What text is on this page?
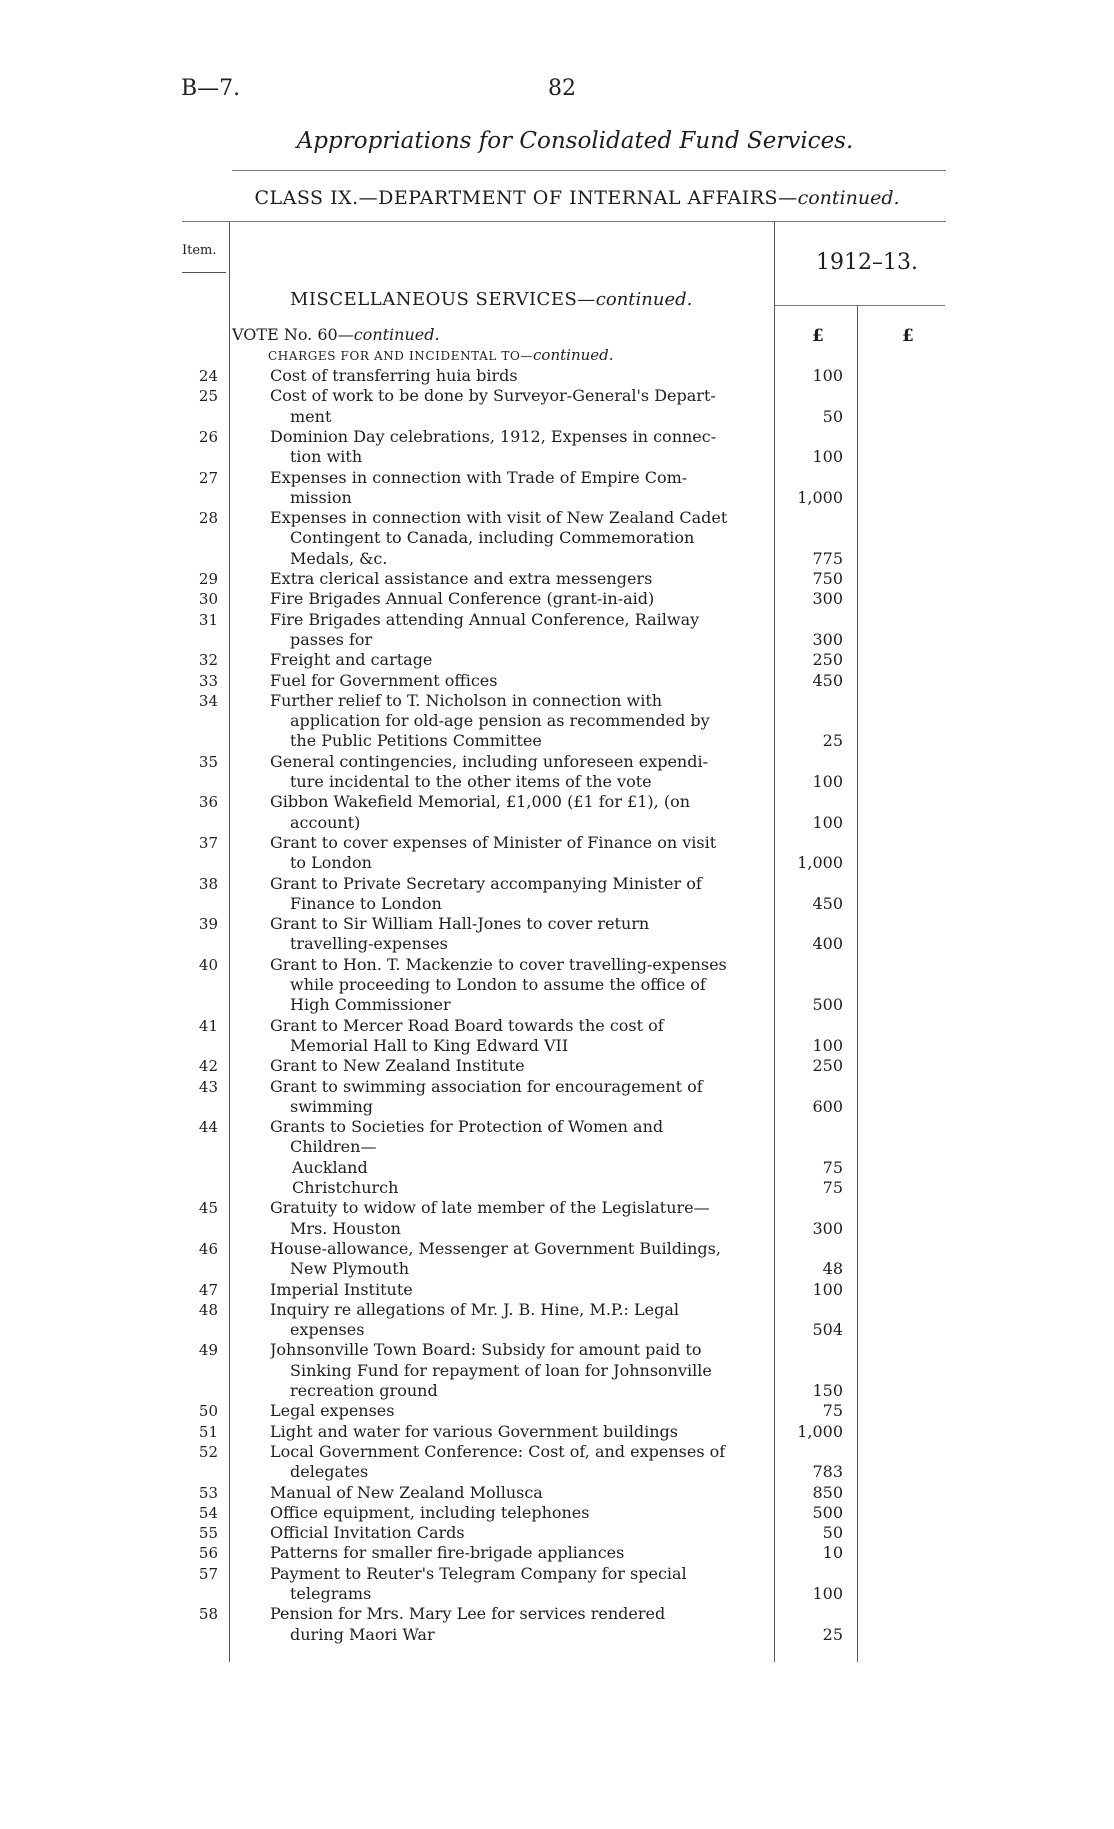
B—7.	82
Appropriations for Consolidated Fund Services.
CLASS IX.—DEPARTMENT OF INTERNAL AFFAIRS—continued.
Item.	1912–13.
MISCELLANEOUS SERVICES—continued.
VOTE No. 60—continued.	£	£
CHARGES FOR AND INCIDENTAL TO—continued.
24	Cost of transferring huia birds	100
25	Cost of work to be done by Surveyor-General's Depart-
ment	50
26	Dominion Day celebrations, 1912, Expenses in connec-
tion with	100
27	Expenses in connection with Trade of Empire Com-
mission	1,000
28	Expenses in connection with visit of New Zealand Cadet
Contingent to Canada, including Commemoration
Medals, &c.	775
29	Extra clerical assistance and extra messengers	750
30	Fire Brigades Annual Conference (grant-in-aid)	300
31	Fire Brigades attending Annual Conference, Railway
passes for	300
32	Freight and cartage	250
33	Fuel for Government offices	450
34	Further relief to T. Nicholson in connection with
application for old-age pension as recommended by
the Public Petitions Committee	25
35	General contingencies, including unforeseen expendi-
ture incidental to the other items of the vote	100
36	Gibbon Wakefield Memorial, £1,000 (£1 for £1), (on
account)	100
37	Grant to cover expenses of Minister of Finance on visit
to London	1,000
38	Grant to Private Secretary accompanying Minister of
Finance to London	450
39	Grant to Sir William Hall-Jones to cover return
travelling-expenses	400
40	Grant to Hon. T. Mackenzie to cover travelling-expenses
while proceeding to London to assume the office of
High Commissioner	500
41	Grant to Mercer Road Board towards the cost of
Memorial Hall to King Edward VII	100
42	Grant to New Zealand Institute	250
43	Grant to swimming association for encouragement of
swimming	600
44	Grants to Societies for Protection of Women and
Children—
Auckland	75
Christchurch	75
45	Gratuity to widow of late member of the Legislature—
Mrs. Houston	300
46	House-allowance, Messenger at Government Buildings,
New Plymouth	48
47	Imperial Institute	100
48	Inquiry re allegations of Mr. J. B. Hine, M.P.: Legal
expenses	504
49	Johnsonville Town Board: Subsidy for amount paid to
Sinking Fund for repayment of loan for Johnsonville
recreation ground	150
50	Legal expenses	75
51	Light and water for various Government buildings	1,000
52	Local Government Conference: Cost of, and expenses of
delegates	783
53	Manual of New Zealand Mollusca	850
54	Office equipment, including telephones	500
55	Official Invitation Cards	50
56	Patterns for smaller fire-brigade appliances	10
57	Payment to Reuter's Telegram Company for special
telegrams	100
58	Pension for Mrs. Mary Lee for services rendered
during Maori War	25
